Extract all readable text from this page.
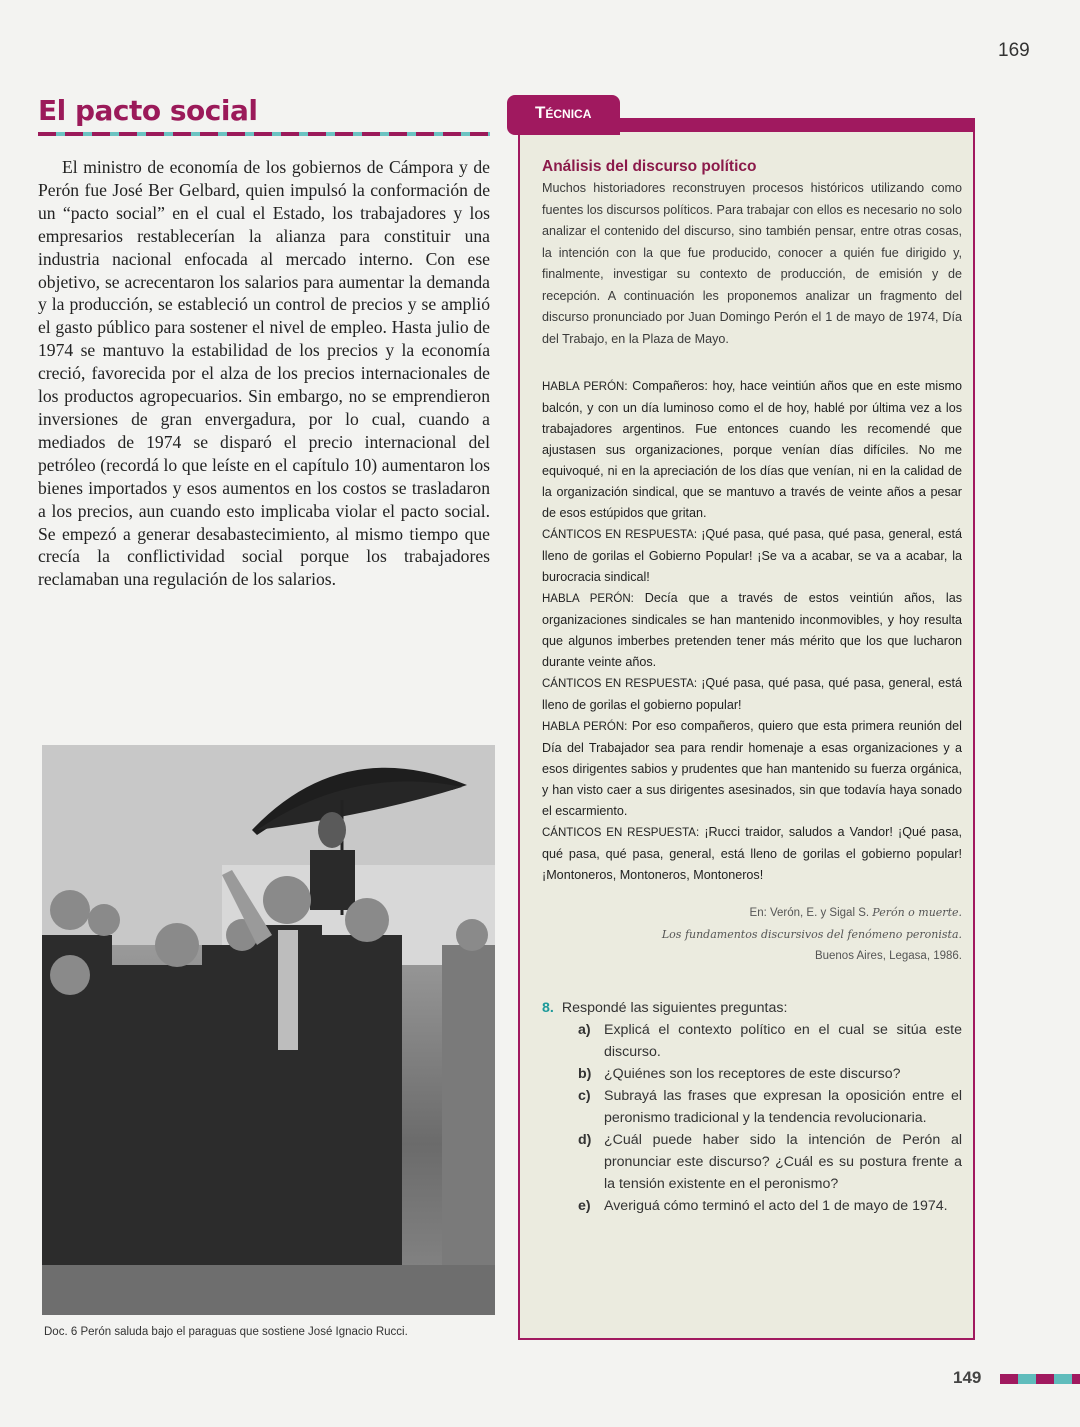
169
El pacto social

El ministro de economía de los gobiernos de Cámpora y de Perón fue José Ber Gelbard, quien impulsó la conformación de un “pacto social” en el cual el Estado, los trabajadores y los empresarios restablecerían la alianza para constituir una industria nacional enfocada al mercado interno. Con ese objetivo, se acrecentaron los salarios para aumentar la demanda y la producción, se estableció un control de precios y se amplió el gasto público para sostener el nivel de empleo. Hasta julio de 1974 se mantuvo la estabilidad de los precios y la economía creció, favorecida por el alza de los precios internacionales de los productos agropecuarios. Sin embargo, no se emprendieron inversiones de gran envergadura, por lo cual, cuando a mediados de 1974 se disparó el precio internacional del petróleo (recordá lo que leíste en el capítulo 10) aumentaron los bienes importados y esos aumentos en los costos se trasladaron a los precios, aun cuando esto implicaba violar el pacto social. Se empezó a generar desabastecimiento, al mismo tiempo que crecía la conflictividad social porque los trabajadores reclamaban una regulación de los salarios.

Doc. 6 Perón saluda bajo el paraguas que sostiene José Ignacio Rucci.
Análisis del discurso político

Muchos historiadores reconstruyen procesos históricos utilizando como fuentes los discursos políticos. Para trabajar con ellos es necesario no solo analizar el contenido del discurso, sino también pensar, entre otras cosas, la intención con la que fue producido, conocer a quién fue dirigido y, finalmente, investigar su contexto de producción, de emisión y de recepción. A continuación les proponemos analizar un fragmento del discurso pronunciado por Juan Domingo Perón el 1 de mayo de 1974, Día del Trabajo, en la Plaza de Mayo.

HABLA PERÓN: Compañeros: hoy, hace veintiún años que en este mismo balcón, y con un día luminoso como el de hoy, hablé por última vez a los trabajadores argentinos. Fue entonces cuando les recomendé que ajustasen sus organizaciones, porque venían días difíciles. No me equivoqué, ni en la apreciación de los días que venían, ni en la calidad de la organización sindical, que se mantuvo a través de veinte años a pesar de esos estúpidos que gritan.

CÁNTICOS EN RESPUESTA: ¡Qué pasa, qué pasa, qué pasa, general, está lleno de gorilas el Gobierno Popular! ¡Se va a acabar, se va a acabar, la burocracia sindical!

HABLA PERÓN: Decía que a través de estos veintiún años, las organizaciones sindicales se han mantenido inconmovibles, y hoy resulta que algunos imberbes pretenden tener más mérito que los que lucharon durante veinte años.

CÁNTICOS EN RESPUESTA: ¡Qué pasa, qué pasa, qué pasa, general, está lleno de gorilas el gobierno popular!

HABLA PERÓN: Por eso compañeros, quiero que esta primera reunión del Día del Trabajador sea para rendir homenaje a esas organizaciones y a esos dirigentes sabios y prudentes que han mantenido su fuerza orgánica, y han visto caer a sus dirigentes asesinados, sin que todavía haya sonado el escarmiento.

CÁNTICOS EN RESPUESTA: ¡Rucci traidor, saludos a Vandor! ¡Qué pasa, qué pasa, qué pasa, general, está lleno de gorilas el gobierno popular! ¡Montoneros, Montoneros, Montoneros!

En: Verón, E. y Sigal S. Perón o muerte.
Los fundamentos discursivos del fenómeno peronista.
Buenos Aires, Legasa, 1986.
8. Respondé las siguientes preguntas:
a) Explicá el contexto político en el cual se sitúa este discurso.
b) ¿Quiénes son los receptores de este discurso?
c) Subrayá las frases que expresan la oposición entre el peronismo tradicional y la tendencia revolucionaria.
d) ¿Cuál puede haber sido la intención de Perón al pronunciar este discurso? ¿Cuál es su postura frente a la tensión existente en el peronismo?
e) Averiguá cómo terminó el acto del 1 de mayo de 1974.
Técnica
149
